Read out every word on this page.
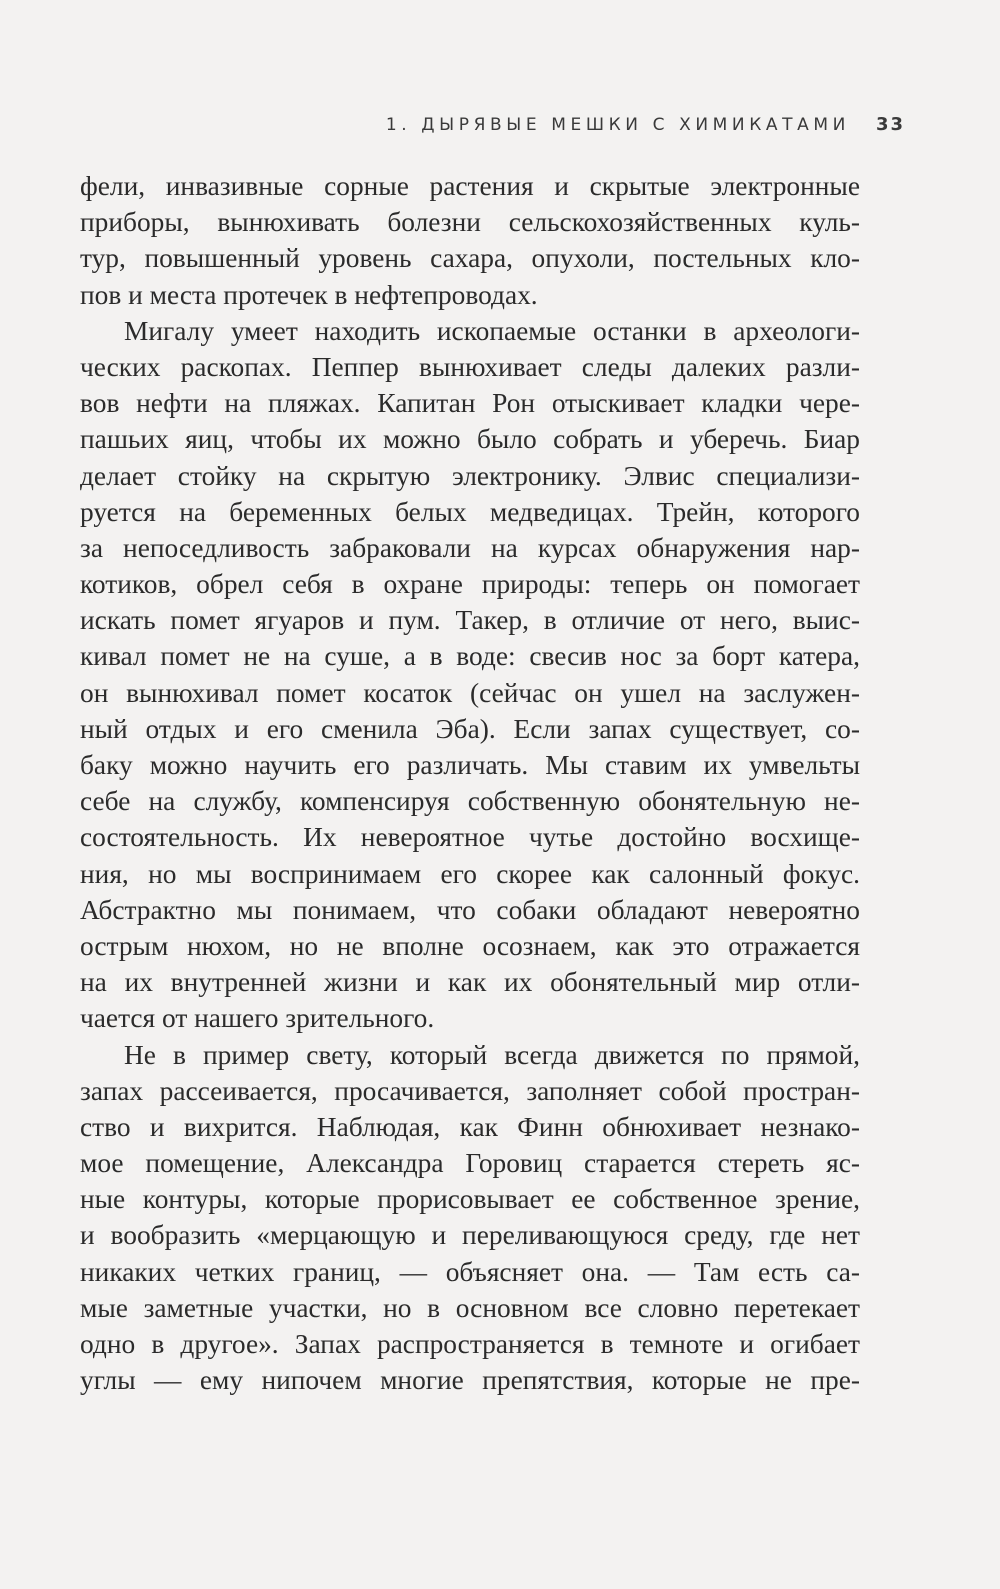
1. ДЫРЯВЫЕ МЕШКИ С ХИМИКАТАМИ 33
фели, инвазивные сорные растения и скрытые электронные
приборы, вынюхивать болезни сельскохозяйственных куль-
тур, повышенный уровень сахара, опухоли, постельных кло-
пов и места протечек в нефтепроводах.
Мигалу умеет находить ископаемые останки в археологи-
ческих раскопах. Пеппер вынюхивает следы далеких разли-
вов нефти на пляжах. Капитан Рон отыскивает кладки чере-
пашьих яиц, чтобы их можно было собрать и уберечь. Биар
делает стойку на скрытую электронику. Элвис специализи-
руется на беременных белых медведицах. Трейн, которого
за непоседливость забраковали на курсах обнаружения нар-
котиков, обрел себя в охране природы: теперь он помогает
искать помет ягуаров и пум. Такер, в отличие от него, выис-
кивал помет не на суше, а в воде: свесив нос за борт катера,
он вынюхивал помет косаток (сейчас он ушел на заслужен-
ный отдых и его сменила Эба). Если запах существует, со-
баку можно научить его различать. Мы ставим их умвельты
себе на службу, компенсируя собственную обонятельную не-
состоятельность. Их невероятное чутье достойно восхище-
ния, но мы воспринимаем его скорее как салонный фокус.
Абстрактно мы понимаем, что собаки обладают невероятно
острым нюхом, но не вполне осознаем, как это отражается
на их внутренней жизни и как их обонятельный мир отли-
чается от нашего зрительного.
Не в пример свету, который всегда движется по прямой,
запах рассеивается, просачивается, заполняет собой простран-
ство и вихрится. Наблюдая, как Финн обнюхивает незнако-
мое помещение, Александра Горовиц старается стереть яс-
ные контуры, которые прорисовывает ее собственное зрение,
и вообразить «мерцающую и переливающуюся среду, где нет
никаких четких границ, — объясняет она. — Там есть са-
мые заметные участки, но в основном все словно перетекает
одно в другое». Запах распространяется в темноте и огибает
углы — ему нипочем многие препятствия, которые не пре-
